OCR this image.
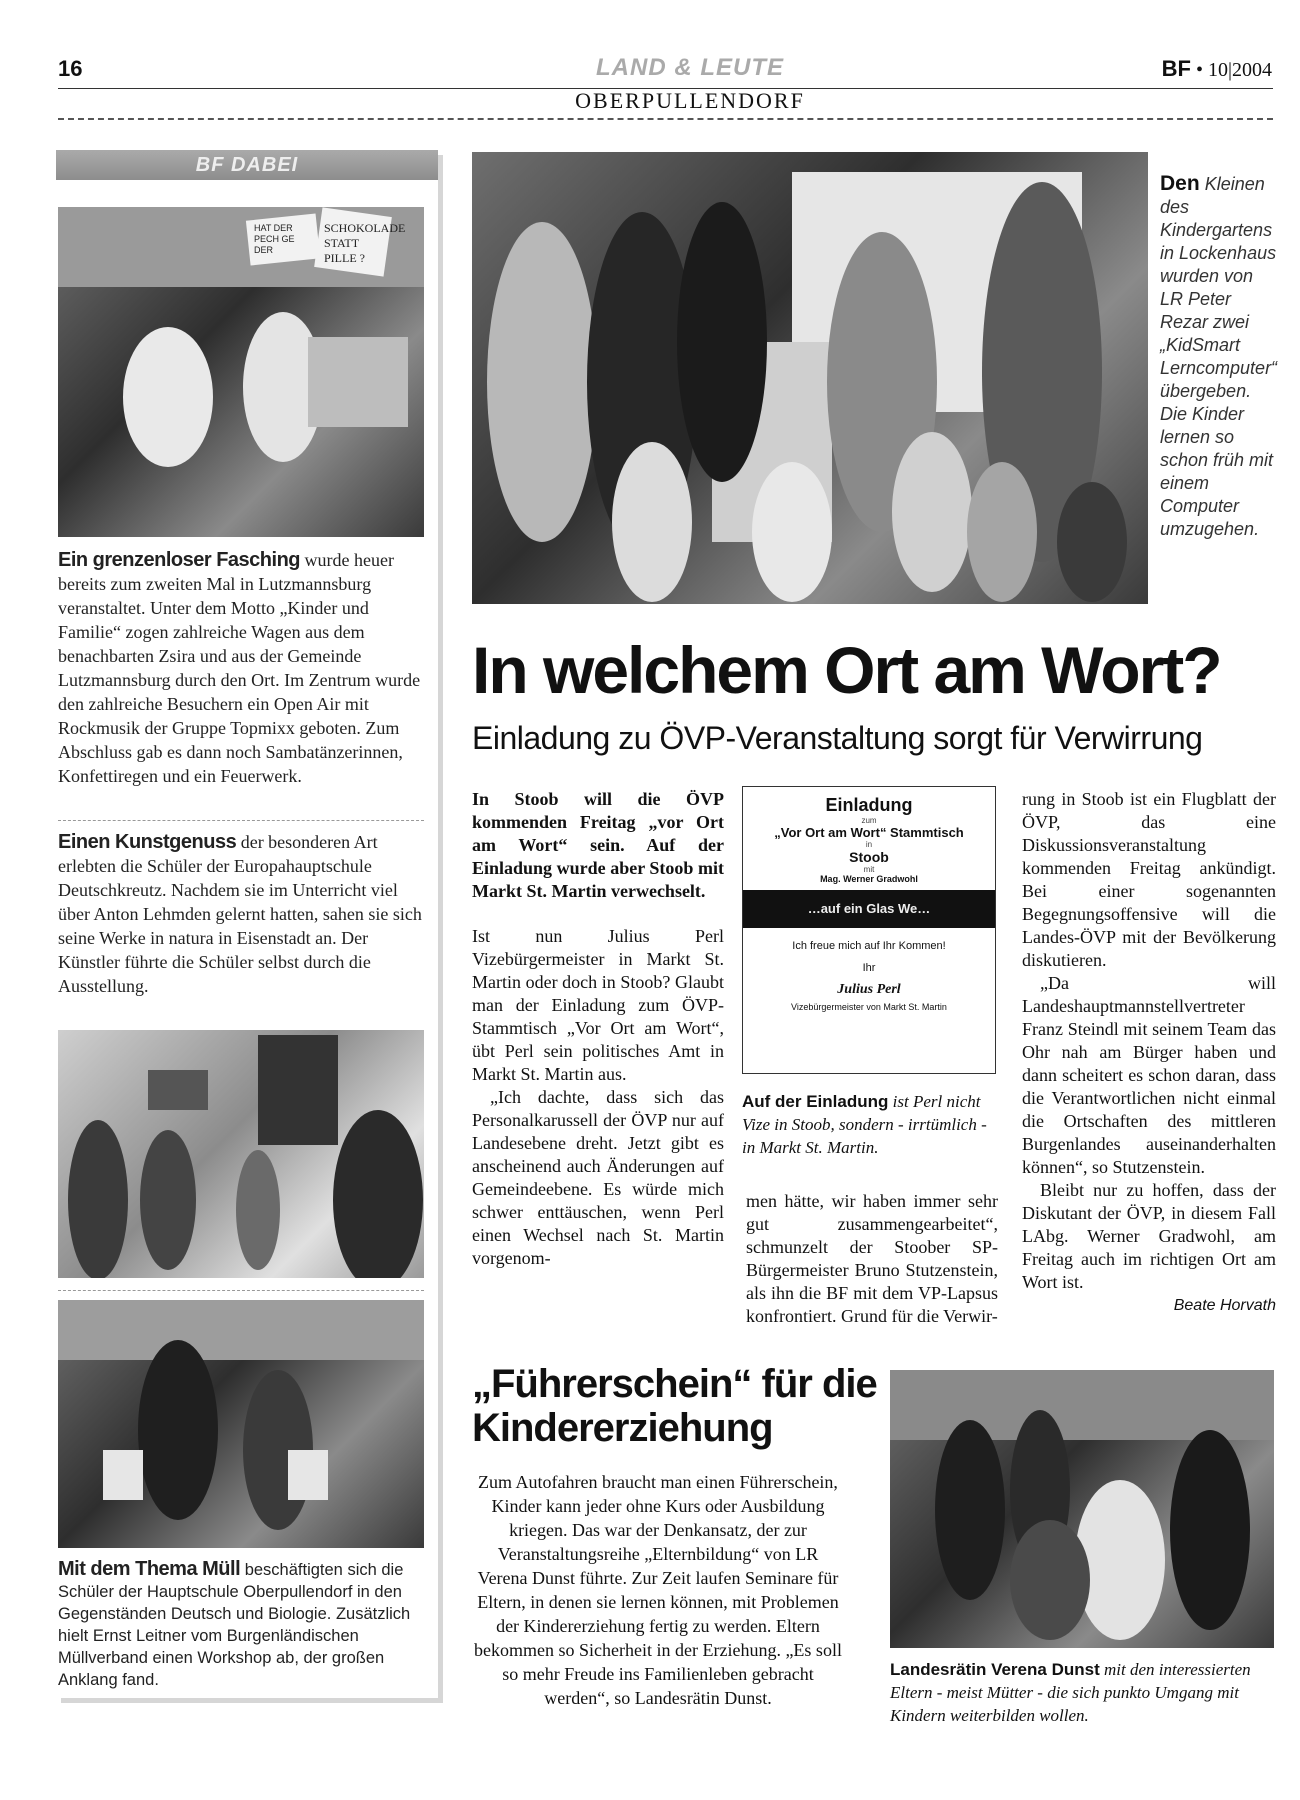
16	LAND & LEUTE	BF • 10|2004
OBERPULLENDORF
BF DABEI
HAT DER PECH GE DER
SCHOKOLADE STATT PILLE ?
Ein grenzenloser Fasching wurde heuer bereits zum zweiten Mal in Lutzmannsburg veranstaltet. Unter dem Motto „Kinder und Familie“ zogen zahlreiche Wagen aus dem benachbarten Zsira und aus der Gemeinde Lutzmannsburg durch den Ort. Im Zentrum wurde den zahlreiche Besuchern ein Open Air mit Rockmusik der Gruppe Topmixx geboten. Zum Abschluss gab es dann noch Sambatänzerinnen, Konfettiregen und ein Feuerwerk.
Einen Kunstgenuss der besonderen Art erlebten die Schüler der Europahauptschule Deutschkreutz. Nachdem sie im Unterricht viel über Anton Lehmden gelernt hatten, sahen sie sich seine Werke in natura in Eisenstadt an. Der Künstler führte die Schüler selbst durch die Ausstellung.
Mit dem Thema Müll beschäftigten sich die Schüler der Hauptschule Oberpullendorf in den Gegenständen Deutsch und Biologie. Zusätzlich hielt Ernst Leitner vom Burgenländischen Müllverband einen Workshop ab, der großen Anklang fand.
Den Kleinen des Kindergartens in Lockenhaus wurden von LR Peter Rezar zwei „KidSmart Lerncomputer“ übergeben. Die Kinder lernen so schon früh mit einem Computer umzugehen.
In welchem Ort am Wort?
Einladung zu ÖVP-Veranstaltung sorgt für Verwirrung

In Stoob will die ÖVP kommenden Freitag „vor Ort am Wort“ sein. Auf der Einladung wurde aber Stoob mit Markt St. Martin verwechselt.

Ist nun Julius Perl Vizebürgermeister in Markt St. Martin oder doch in Stoob? Glaubt man der Einladung zum ÖVP-Stammtisch „Vor Ort am Wort“, übt Perl sein politisches Amt in Markt St. Martin aus.

„Ich dachte, dass sich das Personalkarussell der ÖVP nur auf Landesebene dreht. Jetzt gibt es anscheinend auch Änderungen auf Gemeindeebene. Es würde mich schwer enttäuschen, wenn Perl einen Wechsel nach St. Martin vorgenom-

Einladung
zum
„Vor Ort am Wort“ Stammtisch
in
Stoob
mit
Mag. Werner Gradwohl
…auf ein Glas We…
Ich freue mich auf Ihr Kommen!
Ihr
Julius Perl
Vizebürgermeister von Markt St. Martin
Auf der Einladung ist Perl nicht Vize in Stoob, sondern - irrtümlich - in Markt St. Martin.

men hätte, wir haben immer sehr gut zusammengearbeitet“, schmunzelt der Stoober SP-Bürgermeister Bruno Stutzenstein, als ihn die BF mit dem VP-Lapsus konfrontiert. Grund für die Verwir-

rung in Stoob ist ein Flugblatt der ÖVP, das eine Diskussionsveranstaltung kommenden Freitag ankündigt. Bei einer sogenannten Begegnungsoffensive will die Landes-ÖVP mit der Bevölkerung diskutieren.

„Da will Landeshauptmannstellvertreter Franz Steindl mit seinem Team das Ohr nah am Bürger haben und dann scheitert es schon daran, dass die Verantwortlichen nicht einmal die Ortschaften des mittleren Burgenlandes auseinanderhalten können“, so Stutzenstein.

Bleibt nur zu hoffen, dass der Diskutant der ÖVP, in diesem Fall LAbg. Werner Gradwohl, am Freitag auch im richtigen Ort am Wort ist.

Beate Horvath
„Führerschein“ für die Kindererziehung
Zum Autofahren braucht man einen Führerschein, Kinder kann jeder ohne Kurs oder Ausbildung kriegen. Das war der Denkansatz, der zur Veranstaltungsreihe „Elternbildung“ von LR Verena Dunst führte. Zur Zeit laufen Seminare für Eltern, in denen sie lernen können, mit Problemen der Kindererziehung fertig zu werden. Eltern bekommen so Sicherheit in der Erziehung. „Es soll so mehr Freude ins Familienleben gebracht werden“, so Landesrätin Dunst.
Landesrätin Verena Dunst mit den interessierten Eltern - meist Mütter - die sich punkto Umgang mit Kindern weiterbilden wollen.
